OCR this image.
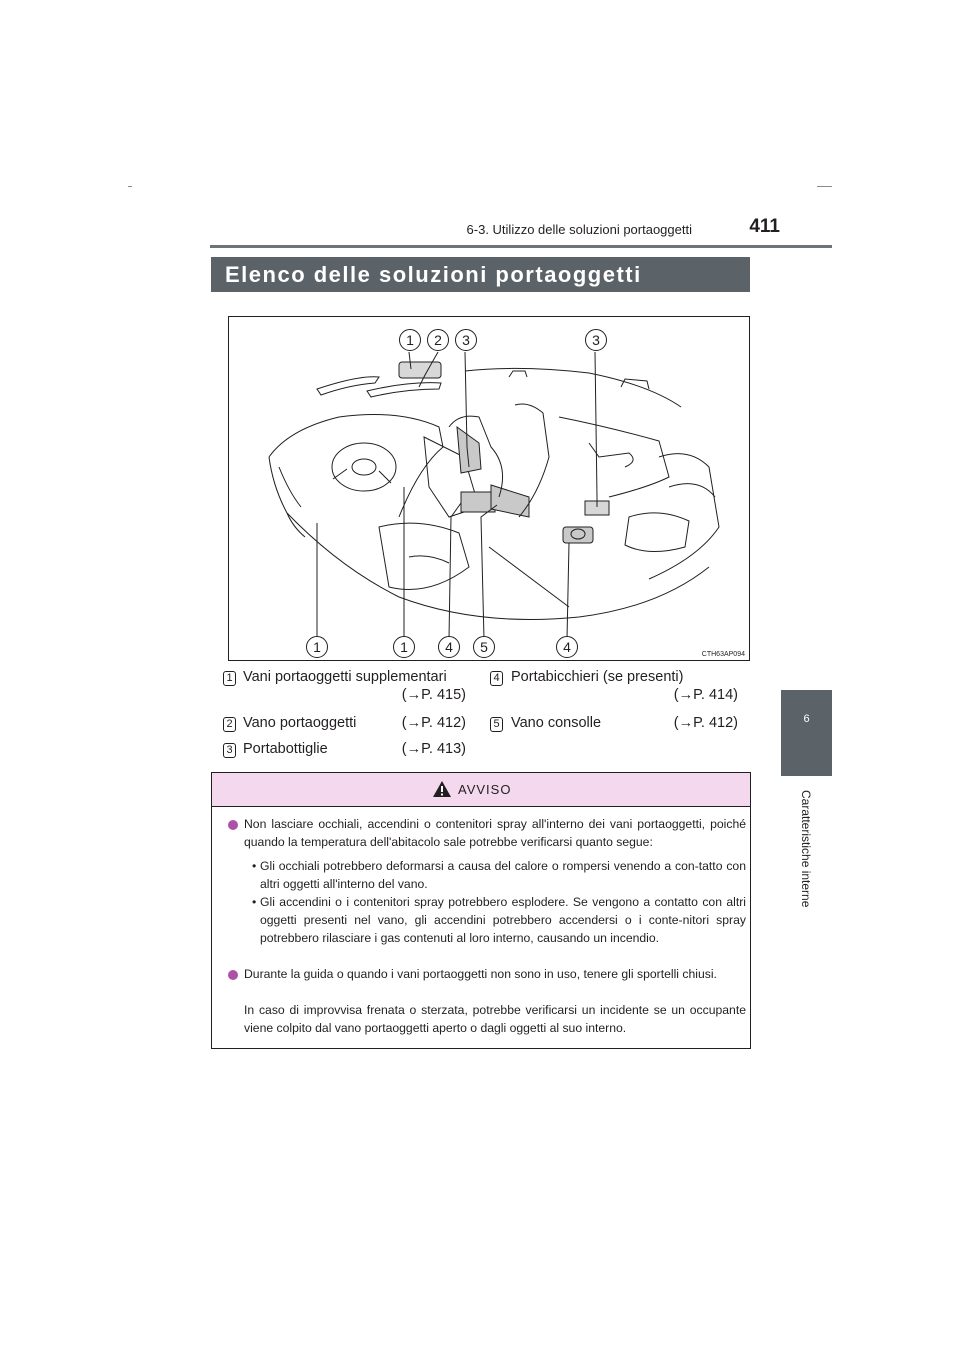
6-3. Utilizzo delle soluzioni portaoggetti	411
6
Caratteristiche interne
Elenco delle soluzioni portaoggetti
1	2	3	3
1	1	4	5	4	CTH63AP094
1 Vani portaoggetti supplementari
(→P. 415)
2 Vano portaoggetti	(→P. 412)
3 Portabottiglie	(→P. 413)
4 Portabicchieri (se presenti)
(→P. 414)
5 Vano consolle	(→P. 412)
AVVISO
Non lasciare occhiali, accendini o contenitori spray all'interno dei vani portaoggetti, poiché quando la temperatura dell'abitacolo sale potrebbe verificarsi quanto segue:
• Gli occhiali potrebbero deformarsi a causa del calore o rompersi venendo a con-tatto con altri oggetti all'interno del vano.
• Gli accendini o i contenitori spray potrebbero esplodere. Se vengono a contatto con altri oggetti presenti nel vano, gli accendini potrebbero accendersi o i conte-nitori spray potrebbero rilasciare i gas contenuti al loro interno, causando un incendio.
Durante la guida o quando i vani portaoggetti non sono in uso, tenere gli sportelli chiusi.
In caso di improvvisa frenata o sterzata, potrebbe verificarsi un incidente se un occupante viene colpito dal vano portaoggetti aperto o dagli oggetti al suo interno.
